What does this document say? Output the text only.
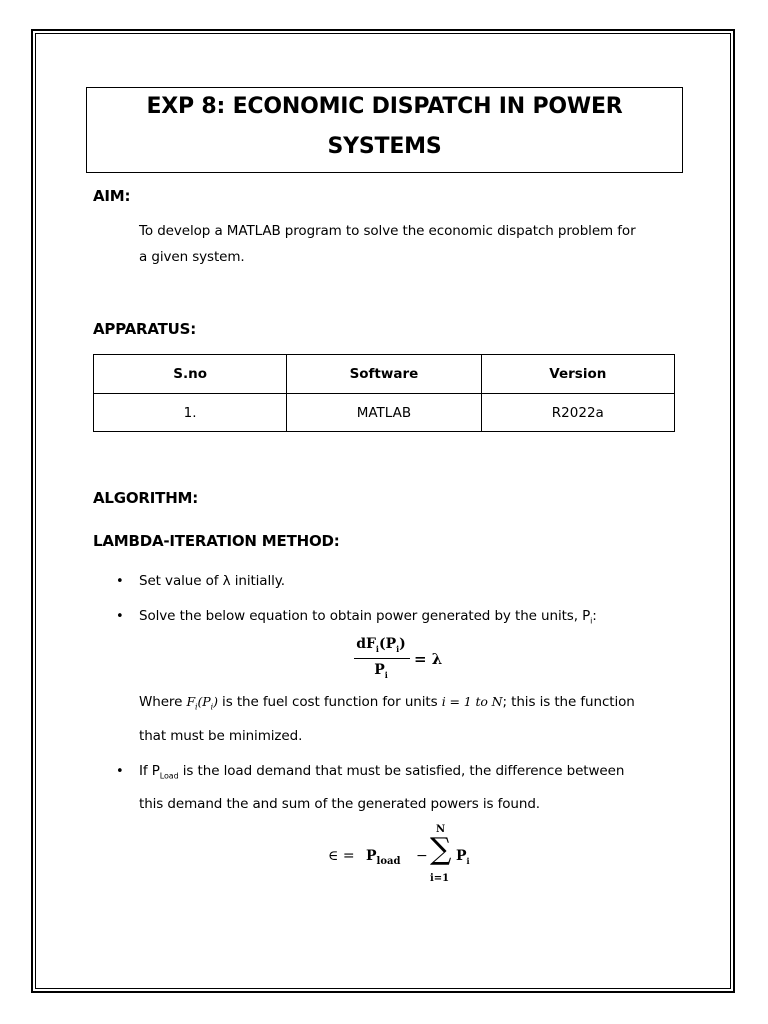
EXP 8: ECONOMIC DISPATCH IN POWER
SYSTEMS
AIM:
To develop a MATLAB program to solve the economic dispatch problem for
a given system.
APPARATUS:
S.no	Software	Version
1.	MATLAB	R2022a
ALGORITHM:
LAMBDA-ITERATION METHOD:
• Set value of λ initially.
• Solve the below equation to obtain power generated by the units, $P_i$:
$dF_i(P_i)$
$P_i$
= λ
Where $F_i(P_i)$ is the fuel cost function for units i = 1 to N; this is the function
that must be minimized.
• If $P_{Load}$ is the load demand that must be satisfied, the difference between
this demand the and sum of the generated powers is found.
∈ = $P_{load}$ − ∑
N
i=1
$P_i$
